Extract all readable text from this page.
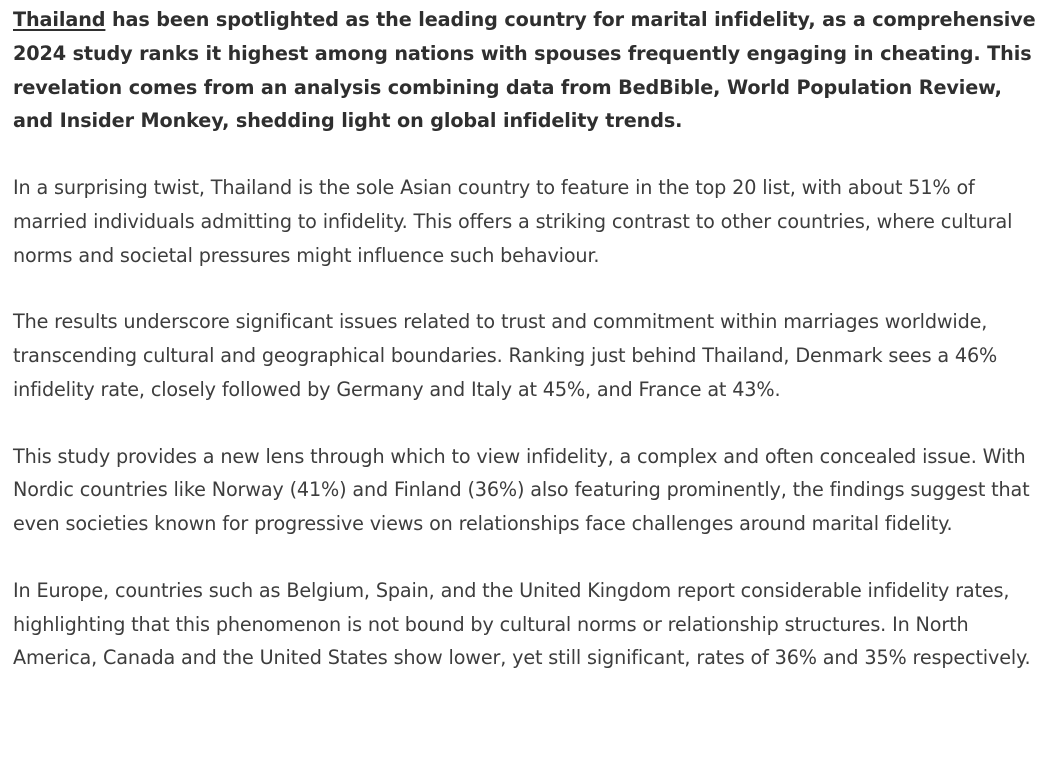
Thailand has been spotlighted as the leading country for marital infidelity, as a comprehensive 2024 study ranks it highest among nations with spouses frequently engaging in cheating. This revelation comes from an analysis combining data from BedBible, World Population Review, and Insider Monkey, shedding light on global infidelity trends.

In a surprising twist, Thailand is the sole Asian country to feature in the top 20 list, with about 51% of married individuals admitting to infidelity. This offers a striking contrast to other countries, where cultural norms and societal pressures might influence such behaviour.

The results underscore significant issues related to trust and commitment within marriages worldwide, transcending cultural and geographical boundaries. Ranking just behind Thailand, Denmark sees a 46% infidelity rate, closely followed by Germany and Italy at 45%, and France at 43%.

This study provides a new lens through which to view infidelity, a complex and often concealed issue. With Nordic countries like Norway (41%) and Finland (36%) also featuring prominently, the findings suggest that even societies known for progressive views on relationships face challenges around marital fidelity.

In Europe, countries such as Belgium, Spain, and the United Kingdom report considerable infidelity rates, highlighting that this phenomenon is not bound by cultural norms or relationship structures. In North America, Canada and the United States show lower, yet still significant, rates of 36% and 35% respectively.
